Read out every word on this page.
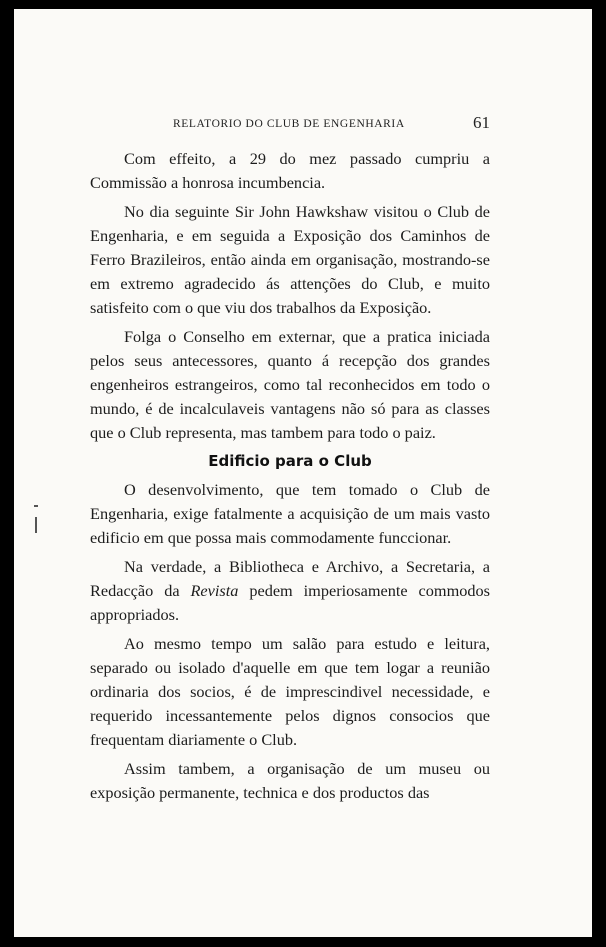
RELATORIO DO CLUB DE ENGENHARIA	61

Com effeito, a 29 do mez passado cumpriu a Commissão a honrosa incumbencia.

No dia seguinte Sir John Hawkshaw visitou o Club de Engenharia, e em seguida a Exposição dos Caminhos de Ferro Brazileiros, então ainda em organisação, mostrando-se em extremo agradecido ás attenções do Club, e muito satisfeito com o que viu dos trabalhos da Exposição.

Folga o Conselho em externar, que a pratica iniciada pelos seus antecessores, quanto á recepção dos grandes engenheiros estrangeiros, como tal reconhecidos em todo o mundo, é de incalculaveis vantagens não só para as classes que o Club representa, mas tambem para todo o paiz.

Edificio para o Club

O desenvolvimento, que tem tomado o Club de Engenharia, exige fatalmente a acquisição de um mais vasto edificio em que possa mais commodamente funccionar.

Na verdade, a Bibliotheca e Archivo, a Secretaria, a Redacção da Revista pedem imperiosamente commodos appropriados.

Ao mesmo tempo um salão para estudo e leitura, separado ou isolado d'aquelle em que tem logar a reunião ordinaria dos socios, é de imprescindivel necessidade, e requerido incessantemente pelos dignos consocios que frequentam diariamente o Club.

Assim tambem, a organisação de um museu ou exposição permanente, technica e dos productos das
